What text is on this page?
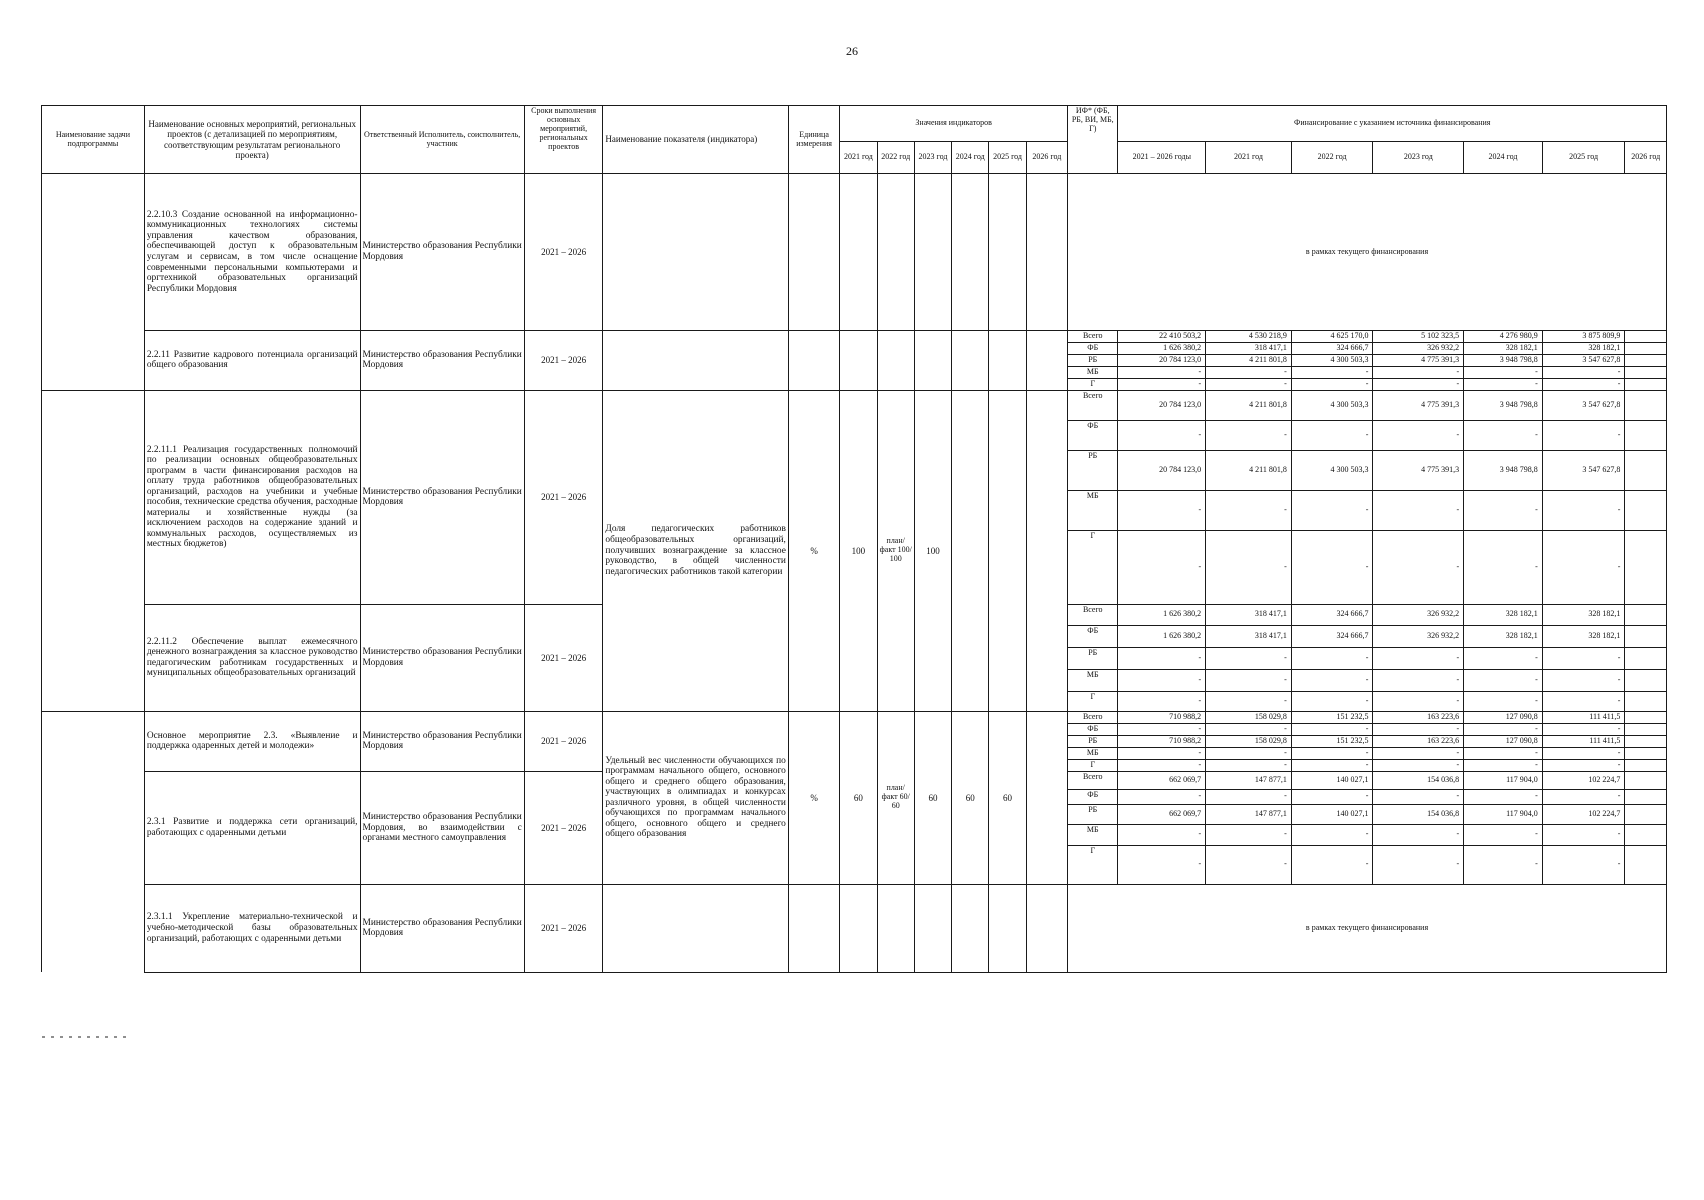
26
Наименование задачи подпрограммы	Наименование основных мероприятий, региональных проектов (с детализацией по мероприятиям, соответствующим результатам регионального проекта)	Ответственный Исполнитель, соисполнитель, участник	Сроки выполнения основных мероприятий, региональных проектов	Наименование показателя (индикатора)	Единица измерения	Значения индикаторов						ИФ* (ФБ, РБ, ВИ, МБ, Г)	Финансирование с указанием источника финансирования						
						2021 год	2022 год	2023 год	2024 год	2025 год	2026 год		2021 – 2026 годы	2021 год	2022 год	2023 год	2024 год	2025 год	2026 год
	2.2.10.3 Создание основанной на информационно-коммуникационных технологиях системы управления качеством образования, обеспечивающей доступ к образовательным услугам и сервисам, в том числе оснащение современными персональными компьютерами и оргтехникой образовательных организаций Республики Мордовия	Министерство образования Республики Мордовия	2021 – 2026									в рамках текущего финансирования							
	2.2.11 Развитие кадрового потенциала организаций общего образования	Министерство образования Республики Мордовия	2021 – 2026									Всего	22 410 503,2	4 530 218,9	4 625 170,0	5 102 323,5	4 276 980,9	3 875 809,9	
												ФБ	1 626 380,2	318 417,1	324 666,7	326 932,2	328 182,1	328 182,1	
												РБ	20 784 123,0	4 211 801,8	4 300 503,3	4 775 391,3	3 948 798,8	3 547 627,8	
												МБ	-	-	-	-	-	-	
												Г	-	-	-	-	-	-	
	2.2.11.1 Реализация государственных полномочий по реализации основных общеобразовательных программ в части финансирования расходов на оплату труда работников общеобразовательных организаций, расходов на учебники и учебные пособия, технические средства обучения, расходные материалы и хозяйственные нужды (за исключением расходов на содержание зданий и коммунальных расходов, осуществляемых из местных бюджетов)	Министерство образования Республики Мордовия	2021 – 2026	Доля педагогических работников общеобразовательных организаций, получивших вознаграждение за классное руководство, в общей численности педагогических работников такой категории	%	100	план/ факт 100/ 100	100				Всего	20 784 123,0	4 211 801,8	4 300 503,3	4 775 391,3	3 948 798,8	3 547 627,8	
												ФБ	-	-	-	-	-	-	
												РБ	20 784 123,0	4 211 801,8	4 300 503,3	4 775 391,3	3 948 798,8	3 547 627,8	
												МБ	-	-	-	-	-	-	
												Г	-	-	-	-	-	-	
	2.2.11.2 Обеспечение выплат ежемесячного денежного вознаграждения за классное руководство педагогическим работникам государственных и муниципальных общеобразовательных организаций	Министерство образования Республики Мордовия	2021 – 2026									Всего	1 626 380,2	318 417,1	324 666,7	326 932,2	328 182,1	328 182,1	
												ФБ	1 626 380,2	318 417,1	324 666,7	326 932,2	328 182,1	328 182,1	
												РБ	-	-	-	-	-	-	
												МБ	-	-	-	-	-	-	
												Г	-	-	-	-	-	-	
	Основное мероприятие 2.3. «Выявление и поддержка одаренных детей и молодежи»	Министерство образования Республики Мордовия	2021 – 2026	Удельный вес численности обучающихся по программам начального общего, основного общего и среднего общего образования, участвующих в олимпиадах и конкурсах различного уровня, в общей численности обучающихся по программам начального общего, основного общего и среднего общего образования	%	60	план/ факт 60/ 60	60	60	60		Всего	710 988,2	158 029,8	151 232,5	163 223,6	127 090,8	111 411,5	
												ФБ	-	-	-	-	-	-	
												РБ	710 988,2	158 029,8	151 232,5	163 223,6	127 090,8	111 411,5	
												МБ	-	-	-	-	-	-	
												Г	-	-	-	-	-	-	
	2.3.1 Развитие и поддержка сети организаций, работающих с одаренными детьми	Министерство образования Республики Мордовия, во взаимодействии с органами местного самоуправления	2021 – 2026									Всего	662 069,7	147 877,1	140 027,1	154 036,8	117 904,0	102 224,7	
												ФБ	-	-	-	-	-	-	
												РБ	662 069,7	147 877,1	140 027,1	154 036,8	117 904,0	102 224,7	
												МБ	-	-	-	-	-	-	
												Г	-	-	-	-	-	-	
	2.3.1.1 Укрепление материально-технической и учебно-методической базы образовательных организаций, работающих с одаренными детьми	Министерство образования Республики Мордовия	2021 – 2026									в рамках текущего финансирования							
